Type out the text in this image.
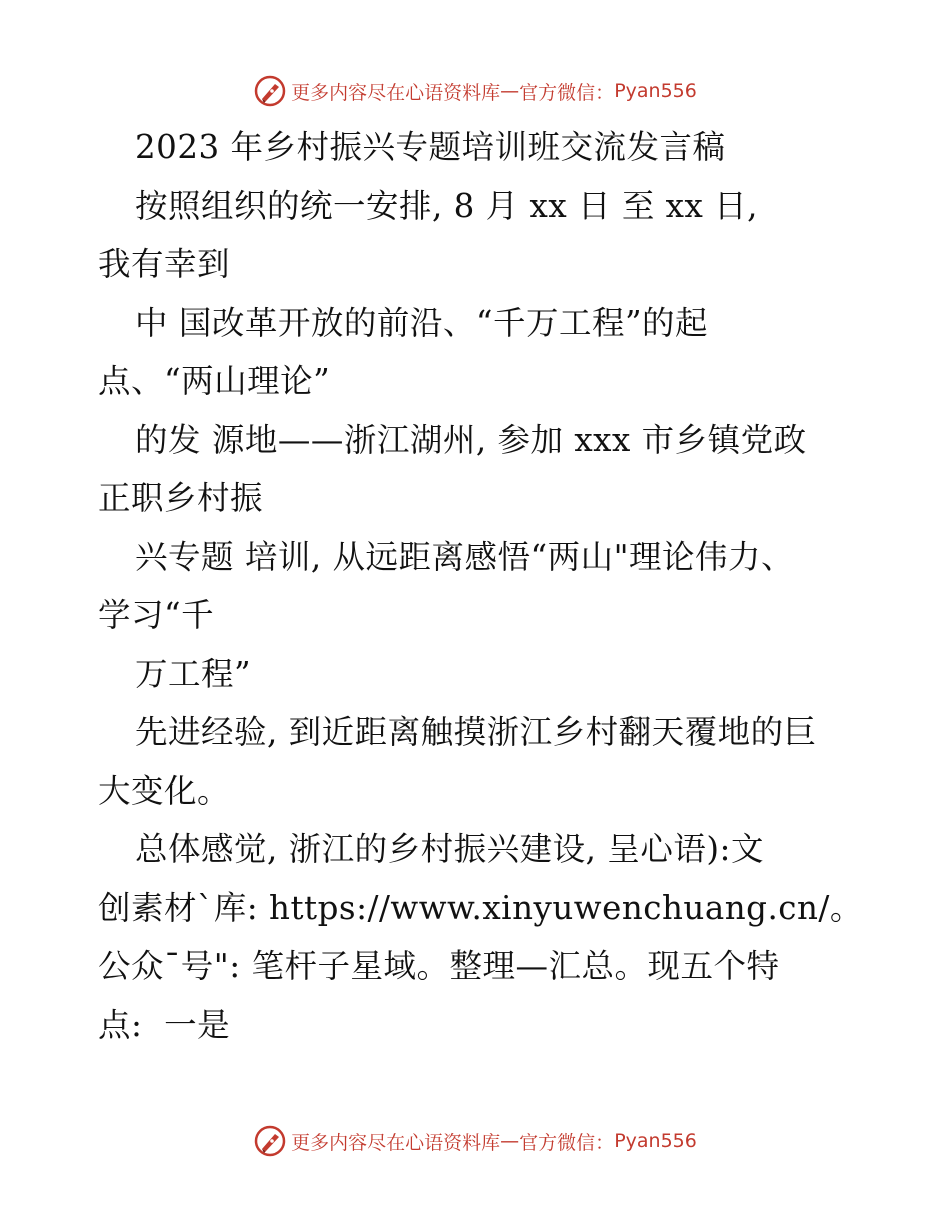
更多内容尽在心语资料库 — 官方微信： Pyan556
2023 年乡村振兴专题培训班交流发言稿
按照组织的统一安排, 8 月 xx 日 至 xx 日,
我有幸到
中 国改革开放的前沿、“千万工程”的起
点、“两山理论”
的发 源地——浙江湖州, 参加 xxx 市乡镇党政
正职乡村振
兴专题 培训, 从远距离感悟“两山"理论伟力、
学习“千
万工程”
先进经验, 到近距离触摸浙江乡村翻天覆地的巨
大变化。
总体感觉, 浙江的乡村振兴建设, 呈心语):文
创素材`库: https://www.xinyuwenchuang.cn/。
公众¯号": 笔杆子星域。整理—汇总。现五个特
点:  一是
更多内容尽在心语资料库 — 官方微信： Pyan556
